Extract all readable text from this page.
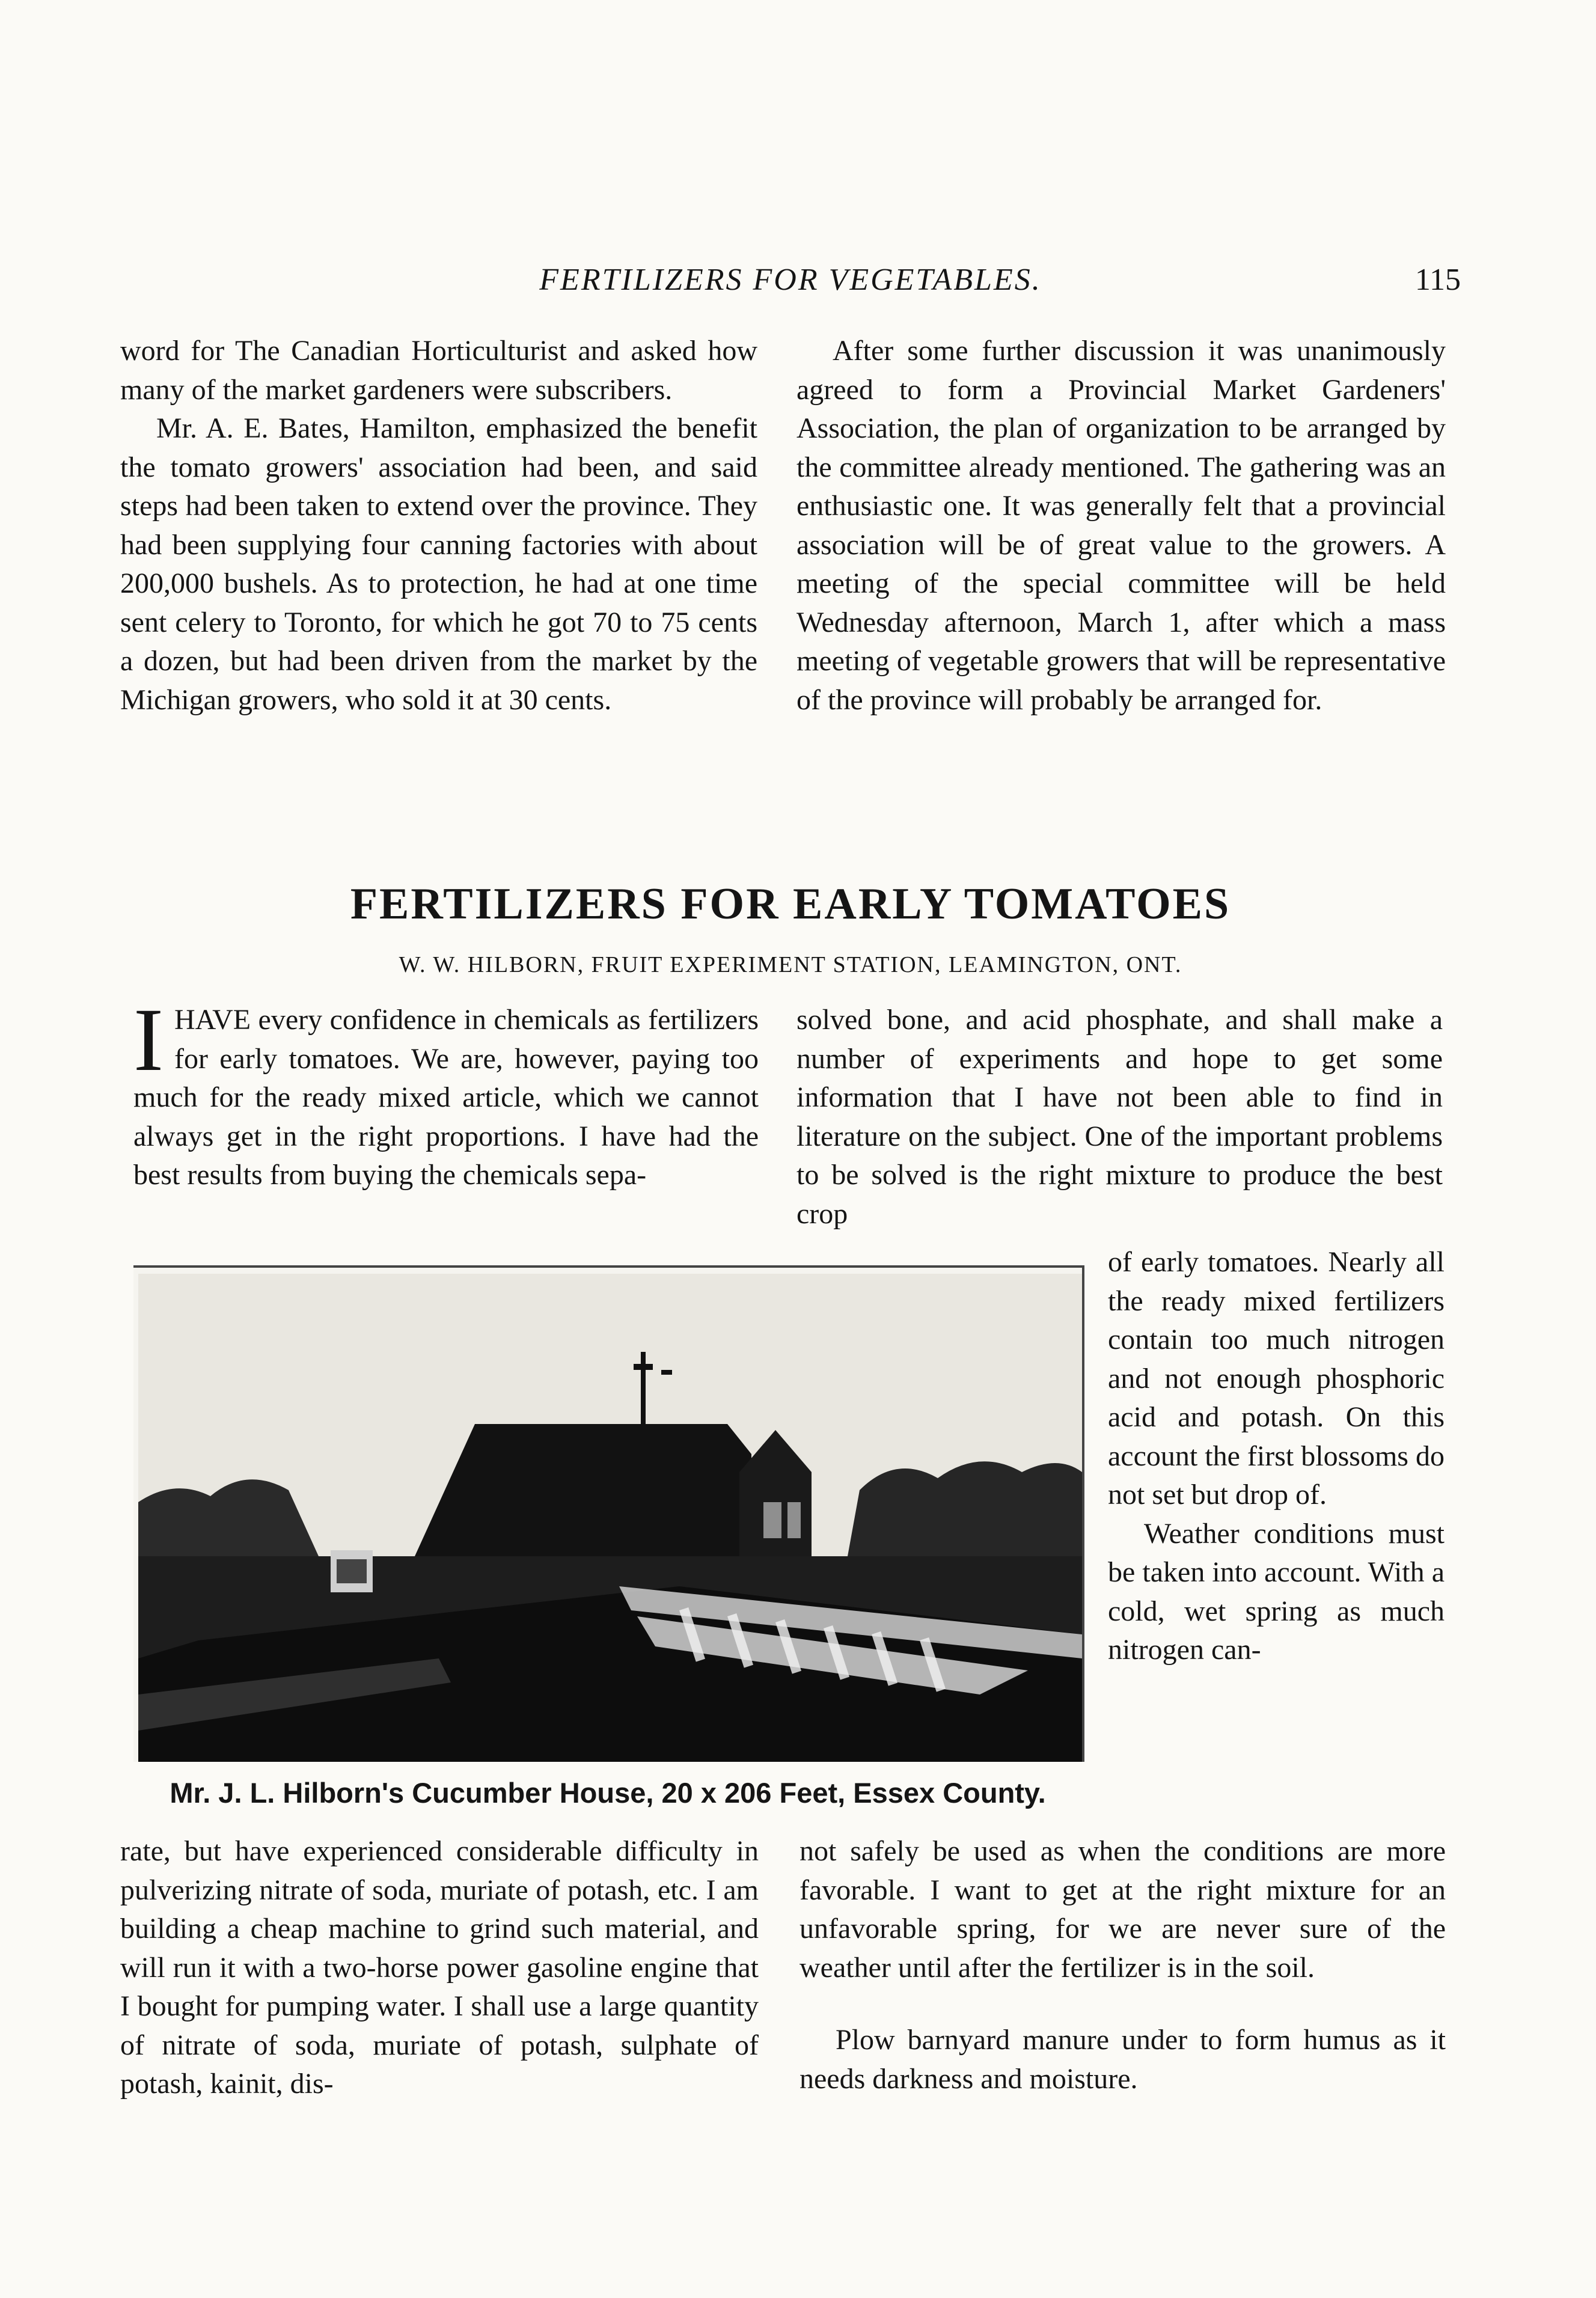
FERTILIZERS FOR VEGETABLES.	115

word for The Canadian Horticulturist and asked how many of the market gardeners were subscribers.

Mr. A. E. Bates, Hamilton, emphasized the benefit the tomato growers' association had been, and said steps had been taken to extend over the province. They had been supplying four canning factories with about 200,000 bushels. As to protection, he had at one time sent celery to Toronto, for which he got 70 to 75 cents a dozen, but had been driven from the market by the Michigan growers, who sold it at 30 cents.

After some further discussion it was unanimously agreed to form a Provincial Market Gardeners' Association, the plan of organization to be arranged by the committee already mentioned. The gathering was an enthusiastic one. It was generally felt that a provincial association will be of great value to the growers. A meeting of the special committee will be held Wednesday afternoon, March 1, after which a mass meeting of vegetable growers that will be representative of the province will probably be arranged for.

FERTILIZERS FOR EARLY TOMATOES
W. W. HILBORN, FRUIT EXPERIMENT STATION, LEAMINGTON, ONT.

I HAVE every confidence in chemicals as fertilizers for early tomatoes. We are, however, paying too much for the ready mixed article, which we cannot always get in the right proportions. I have had the best results from buying the chemicals sepa-

solved bone, and acid phosphate, and shall make a number of experiments and hope to get some information that I have not been able to find in literature on the subject. One of the important problems to be solved is the right mixture to produce the best crop

Mr. J. L. Hilborn's Cucumber House, 20 x 206 Feet, Essex County.

of early tomatoes. Nearly all the ready mixed fertilizers contain too much nitrogen and not enough phosphoric acid and potash. On this account the first blossoms do not set but drop of.

Weather conditions must be taken into account. With a cold, wet spring as much nitrogen can-

rate, but have experienced considerable difficulty in pulverizing nitrate of soda, muriate of potash, etc. I am building a cheap machine to grind such material, and will run it with a two-horse power gasoline engine that I bought for pumping water. I shall use a large quantity of nitrate of soda, muriate of potash, sulphate of potash, kainit, dis-

not safely be used as when the conditions are more favorable. I want to get at the right mixture for an unfavorable spring, for we are never sure of the weather until after the fertilizer is in the soil.

Plow barnyard manure under to form humus as it needs darkness and moisture.
